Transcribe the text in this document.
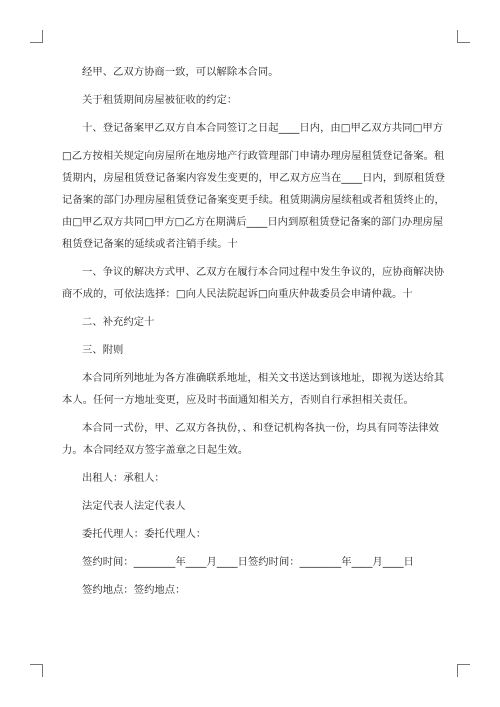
经甲、乙双方协商一致，可以解除本合同。

关于租赁期间房屋被征收的约定：

十、登记备案甲乙双方自本合同签订之日起____日内，由□甲乙双方共同□甲方

□乙方按相关规定向房屋所在地房地产行政管理部门申请办理房屋租赁登记备案。租

赁期内，房屋租赁登记备案内容发生变更的，甲乙双方应当在____日内，到原租赁登

记备案的部门办理房屋租赁登记备案变更手续。租赁期满房屋续租或者租赁终止的，

由□甲乙双方共同□甲方□乙方在期满后____日内到原租赁登记备案的部门办理房屋

租赁登记备案的延续或者注销手续。十

一、争议的解决方式甲、乙双方在履行本合同过程中发生争议的，应协商解决协

商不成的，可依法选择：□向人民法院起诉□向重庆仲裁委员会申请仲裁。十

二、补充约定十

三、附则

本合同所列地址为各方准确联系地址，相关文书送达到该地址，即视为送达给其

本人。任何一方地址变更，应及时书面通知相关方，否则自行承担相关责任。

本合同一式份，甲、乙双方各执份，、和登记机构各执一份，均具有同等法律效

力。本合同经双方签字盖章之日起生效。

出租人：承租人：

法定代表人法定代表人

委托代理人：委托代理人：

签约时间：________年____月____日签约时间：________年____月____日

签约地点：签约地点：
